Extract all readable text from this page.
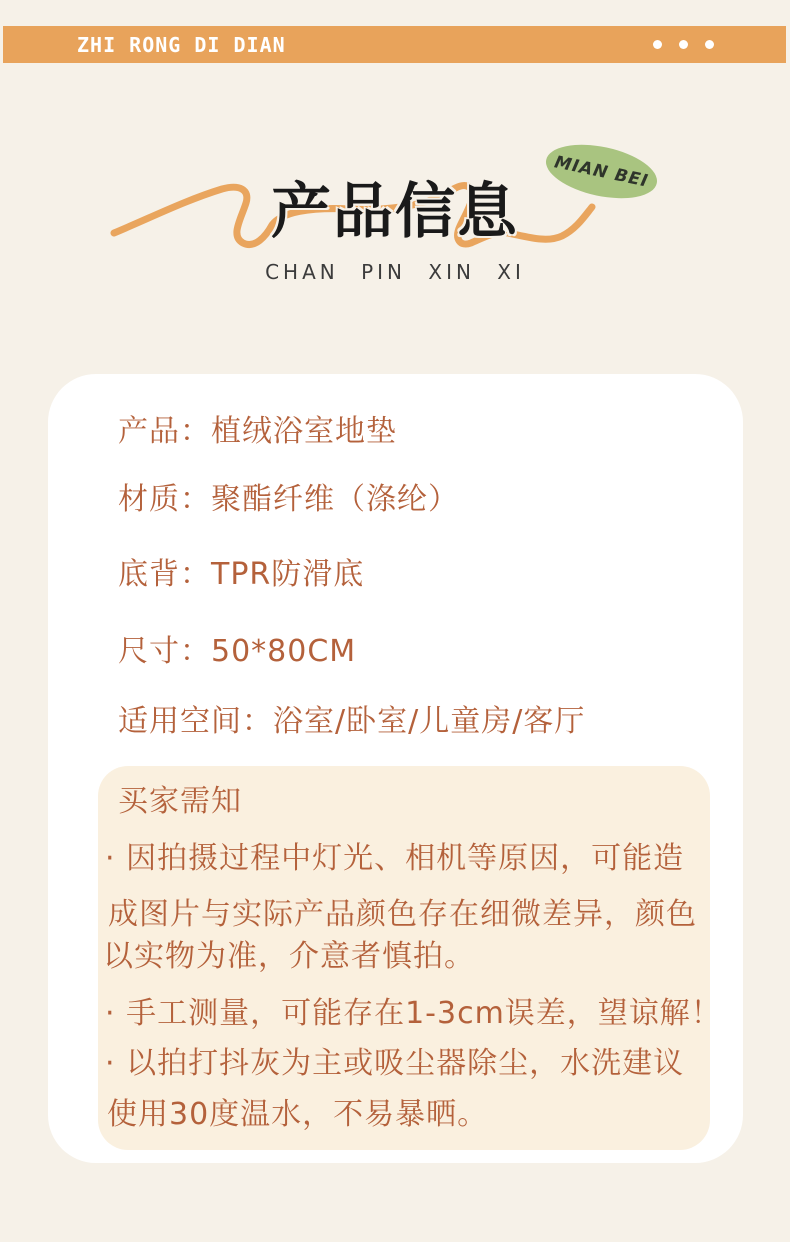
ZHI RONG DI DIAN
产品信息
CHAN PIN XIN XI
MIAN BEI
产品：植绒浴室地垫
材质：聚酯纤维（涤纶）
底背：TPR防滑底
尺寸：50*80CM
适用空间：浴室/卧室/儿童房/客厅
买家需知
· 因拍摄过程中灯光、相机等原因，可能造
成图片与实际产品颜色存在细微差异，颜色
以实物为准，介意者慎拍。
· 手工测量，可能存在1-3cm误差，望谅解！
· 以拍打抖灰为主或吸尘器除尘，水洗建议
使用30度温水，不易暴晒。
